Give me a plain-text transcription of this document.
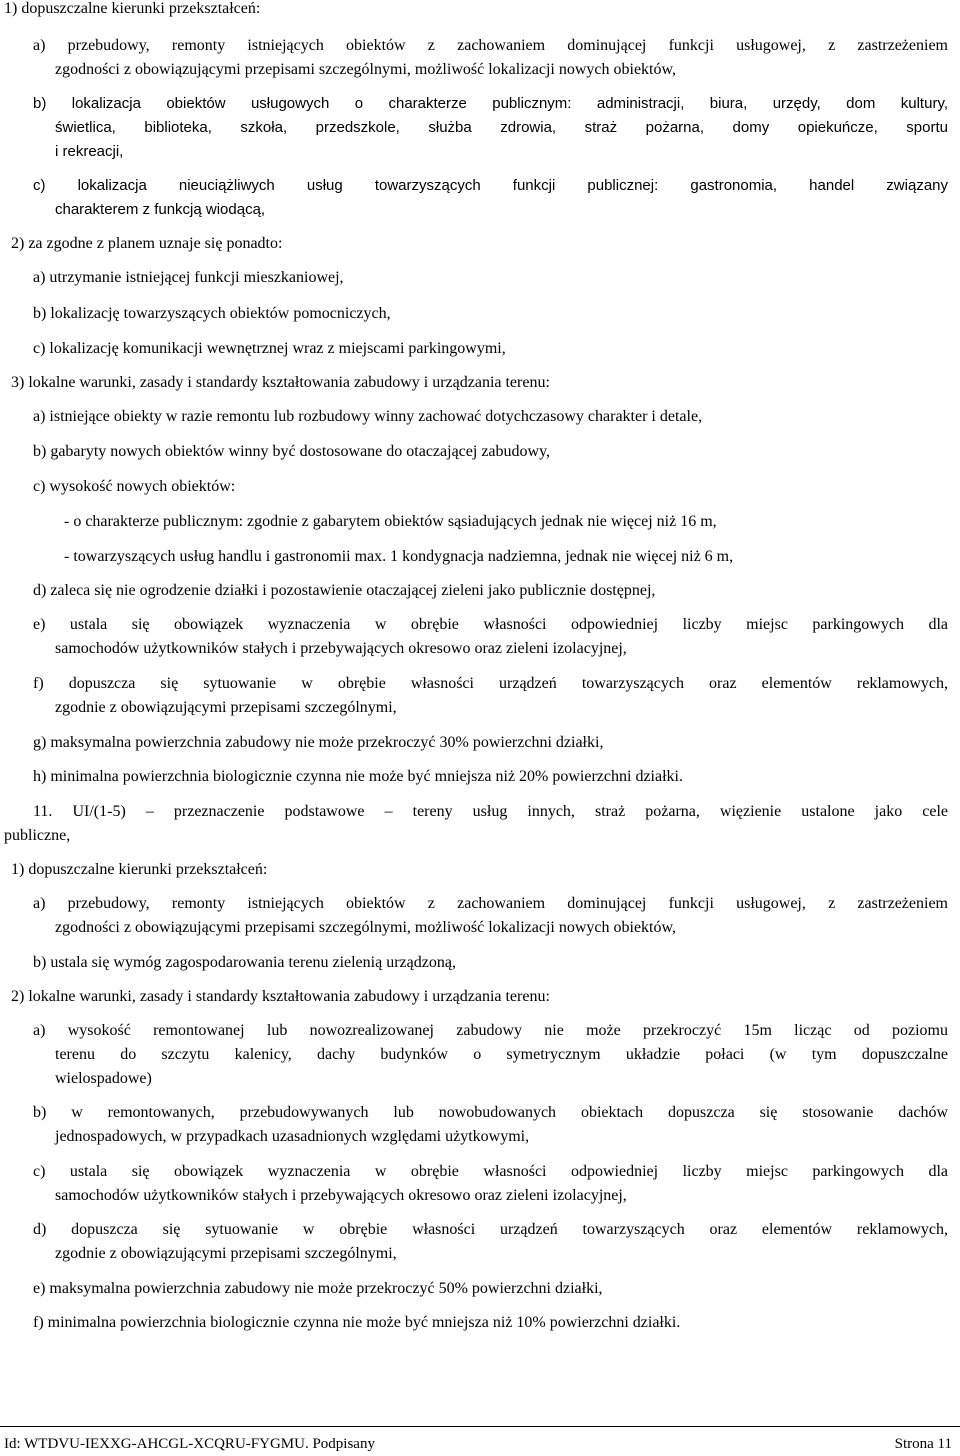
1) dopuszczalne kierunki przekształceń:
a) przebudowy, remonty istniejących obiektów z zachowaniem dominującej funkcji usługowej, z zastrzeżeniem
zgodności z obowiązującymi przepisami szczególnymi, możliwość lokalizacji nowych obiektów,
b) lokalizacja obiektów usługowych o charakterze publicznym: administracji, biura, urzędy, dom kultury,
świetlica, biblioteka, szkoła, przedszkole, służba zdrowia, straż pożarna, domy opiekuńcze, sportu
i rekreacji,
c) lokalizacja nieuciążliwych usług towarzyszących funkcji publicznej: gastronomia, handel związany
charakterem z funkcją wiodącą,
2) za zgodne z planem uznaje się ponadto:
a) utrzymanie istniejącej funkcji mieszkaniowej,
b) lokalizację towarzyszących obiektów pomocniczych,
c) lokalizację komunikacji wewnętrznej wraz z miejscami parkingowymi,
3) lokalne warunki, zasady i standardy kształtowania zabudowy i urządzania terenu:
a) istniejące obiekty w razie remontu lub rozbudowy winny zachować dotychczasowy charakter i detale,
b) gabaryty nowych obiektów winny być dostosowane do otaczającej zabudowy,
c) wysokość nowych obiektów:
- o charakterze publicznym: zgodnie z gabarytem obiektów sąsiadujących jednak nie więcej niż 16 m,
- towarzyszących usług handlu i gastronomii max. 1 kondygnacja nadziemna, jednak nie więcej niż 6 m,
d) zaleca się nie ogrodzenie działki i pozostawienie otaczającej zieleni jako publicznie dostępnej,
e) ustala się obowiązek wyznaczenia w obrębie własności odpowiedniej liczby miejsc parkingowych dla
samochodów użytkowników stałych i przebywających okresowo oraz zieleni izolacyjnej,
f) dopuszcza się sytuowanie w obrębie własności urządzeń towarzyszących oraz elementów reklamowych,
zgodnie z obowiązującymi przepisami szczególnymi,
g) maksymalna powierzchnia zabudowy nie może przekroczyć 30% powierzchni działki,
h) minimalna powierzchnia biologicznie czynna nie może być mniejsza niż 20% powierzchni działki.
11. UI/(1-5) – przeznaczenie podstawowe – tereny usług innych, straż pożarna, więzienie ustalone jako cele
publiczne,
1) dopuszczalne kierunki przekształceń:
a) przebudowy, remonty istniejących obiektów z zachowaniem dominującej funkcji usługowej, z zastrzeżeniem
zgodności z obowiązującymi przepisami szczególnymi, możliwość lokalizacji nowych obiektów,
b) ustala się wymóg zagospodarowania terenu zielenią urządzoną,
2) lokalne warunki, zasady i standardy kształtowania zabudowy i urządzania terenu:
a) wysokość remontowanej lub nowozrealizowanej zabudowy nie może przekroczyć 15m licząc od poziomu
terenu do szczytu kalenicy, dachy budynków o symetrycznym układzie połaci (w tym dopuszczalne
wielospadowe)
b) w remontowanych, przebudowywanych lub nowobudowanych obiektach dopuszcza się stosowanie dachów
jednospadowych, w przypadkach uzasadnionych względami użytkowymi,
c) ustala się obowiązek wyznaczenia w obrębie własności odpowiedniej liczby miejsc parkingowych dla
samochodów użytkowników stałych i przebywających okresowo oraz zieleni izolacyjnej,
d) dopuszcza się sytuowanie w obrębie własności urządzeń towarzyszących oraz elementów reklamowych,
zgodnie z obowiązującymi przepisami szczególnymi,
e) maksymalna powierzchnia zabudowy nie może przekroczyć 50% powierzchni działki,
f) minimalna powierzchnia biologicznie czynna nie może być mniejsza niż 10% powierzchni działki.
Id: WTDVU-IEXXG-AHCGL-XCQRU-FYGMU. Podpisany	Strona 11
